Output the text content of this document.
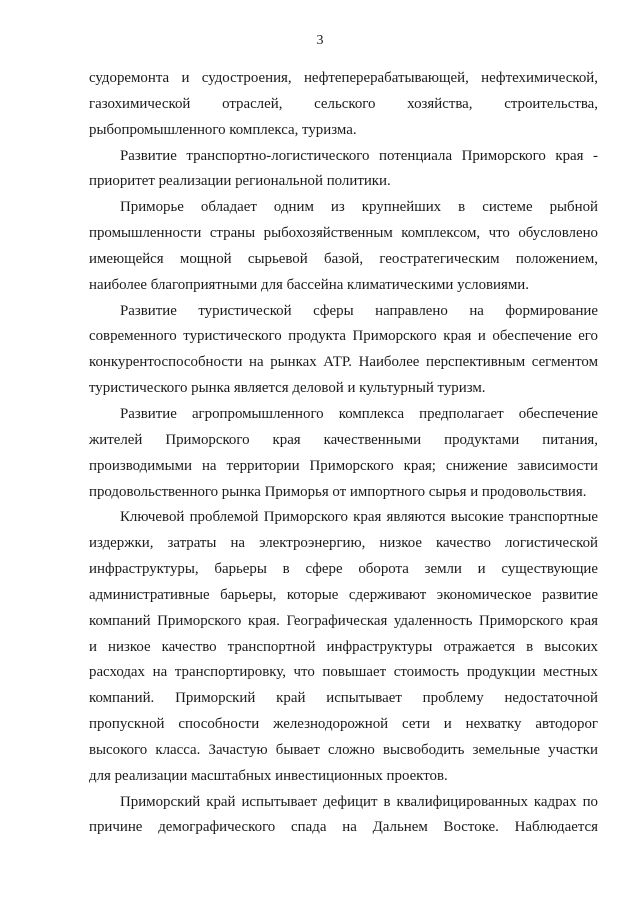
3
судоремонта и судостроения, нефтеперерабатывающей, нефтехимической,
газохимической отраслей, сельского хозяйства, строительства,
рыбопромышленного комплекса, туризма.
Развитие транспортно-логистического потенциала Приморского края -
приоритет реализации региональной политики.
Приморье обладает одним из крупнейших в системе рыбной
промышленности страны рыбохозяйственным комплексом, что обусловлено
имеющейся мощной сырьевой базой, геостратегическим положением,
наиболее благоприятными для бассейна климатическими условиями.
Развитие туристической сферы направлено на формирование
современного туристического продукта Приморского края и обеспечение его
конкурентоспособности на рынках АТР. Наиболее перспективным сегментом
туристического рынка является деловой и культурный туризм.
Развитие агропромышленного комплекса предполагает обеспечение
жителей Приморского края качественными продуктами питания,
производимыми на территории Приморского края; снижение зависимости
продовольственного рынка Приморья от импортного сырья и продовольствия.
Ключевой проблемой Приморского края являются высокие транспортные
издержки, затраты на электроэнергию, низкое качество логистической
инфраструктуры, барьеры в сфере оборота земли и существующие
административные барьеры, которые сдерживают экономическое развитие
компаний Приморского края. Географическая удаленность Приморского края
и низкое качество транспортной инфраструктуры отражается в высоких
расходах на транспортировку, что повышает стоимость продукции местных
компаний. Приморский край испытывает проблему недостаточной
пропускной способности железнодорожной сети и нехватку автодорог
высокого класса. Зачастую бывает сложно высвободить земельные участки
для реализации масштабных инвестиционных проектов.
Приморский край испытывает дефицит в квалифицированных кадрах по
причине демографического спада на Дальнем Востоке. Наблюдается
